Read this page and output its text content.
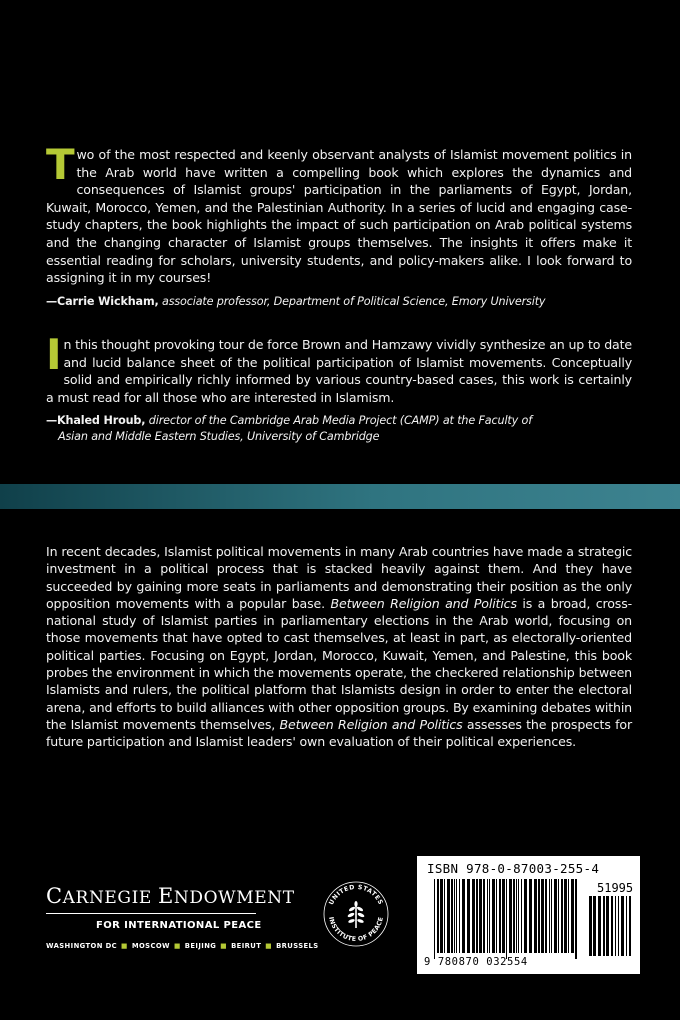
Two of the most respected and keenly observant analysts of Islamist movement politics in the Arab world have written a compelling book which explores the dynamics and consequences of Islamist groups' participation in the parliaments of Egypt, Jordan, Kuwait, Morocco, Yemen, and the Palestinian Authority. In a series of lucid and engaging case-study chapters, the book highlights the impact of such participation on Arab political systems and the changing character of Islamist groups themselves. The insights it offers make it essential reading for scholars, university students, and policy-makers alike. I look forward to assigning it in my courses!

—Carrie Wickham, associate professor, Department of Political Science, Emory University

In this thought provoking tour de force Brown and Hamzawy vividly synthesize an up to date and lucid balance sheet of the political participation of Islamist movements. Conceptually solid and empirically richly informed by various country-based cases, this work is certainly a must read for all those who are interested in Islamism.

—Khaled Hroub, director of the Cambridge Arab Media Project (CAMP) at the Faculty of
Asian and Middle Eastern Studies, University of Cambridge

In recent decades, Islamist political movements in many Arab countries have made a strategic investment in a political process that is stacked heavily against them. And they have succeeded by gaining more seats in parliaments and demonstrating their position as the only opposition movements with a popular base. Between Religion and Politics is a broad, cross-national study of Islamist parties in parliamentary elections in the Arab world, focusing on those movements that have opted to cast themselves, at least in part, as electorally-oriented political parties. Focusing on Egypt, Jordan, Morocco, Kuwait, Yemen, and Palestine, this book probes the environment in which the movements operate, the checkered relationship between Islamists and rulers, the political platform that Islamists design in order to enter the electoral arena, and efforts to build alliances with other opposition groups. By examining debates within the Islamist movements themselves, Between Religion and Politics assesses the prospects for future participation and Islamist leaders' own evaluation of their political experiences.

CARNEGIE ENDOWMENT
FOR INTERNATIONAL PEACE
WASHINGTON DC ■ MOSCOW ■ BEIJING ■ BEIRUT ■ BRUSSELS
UNITED STATES
INSTITUTE OF PEACE
ISBN 978-0-87003-255-4
51995
9 780870 032554
